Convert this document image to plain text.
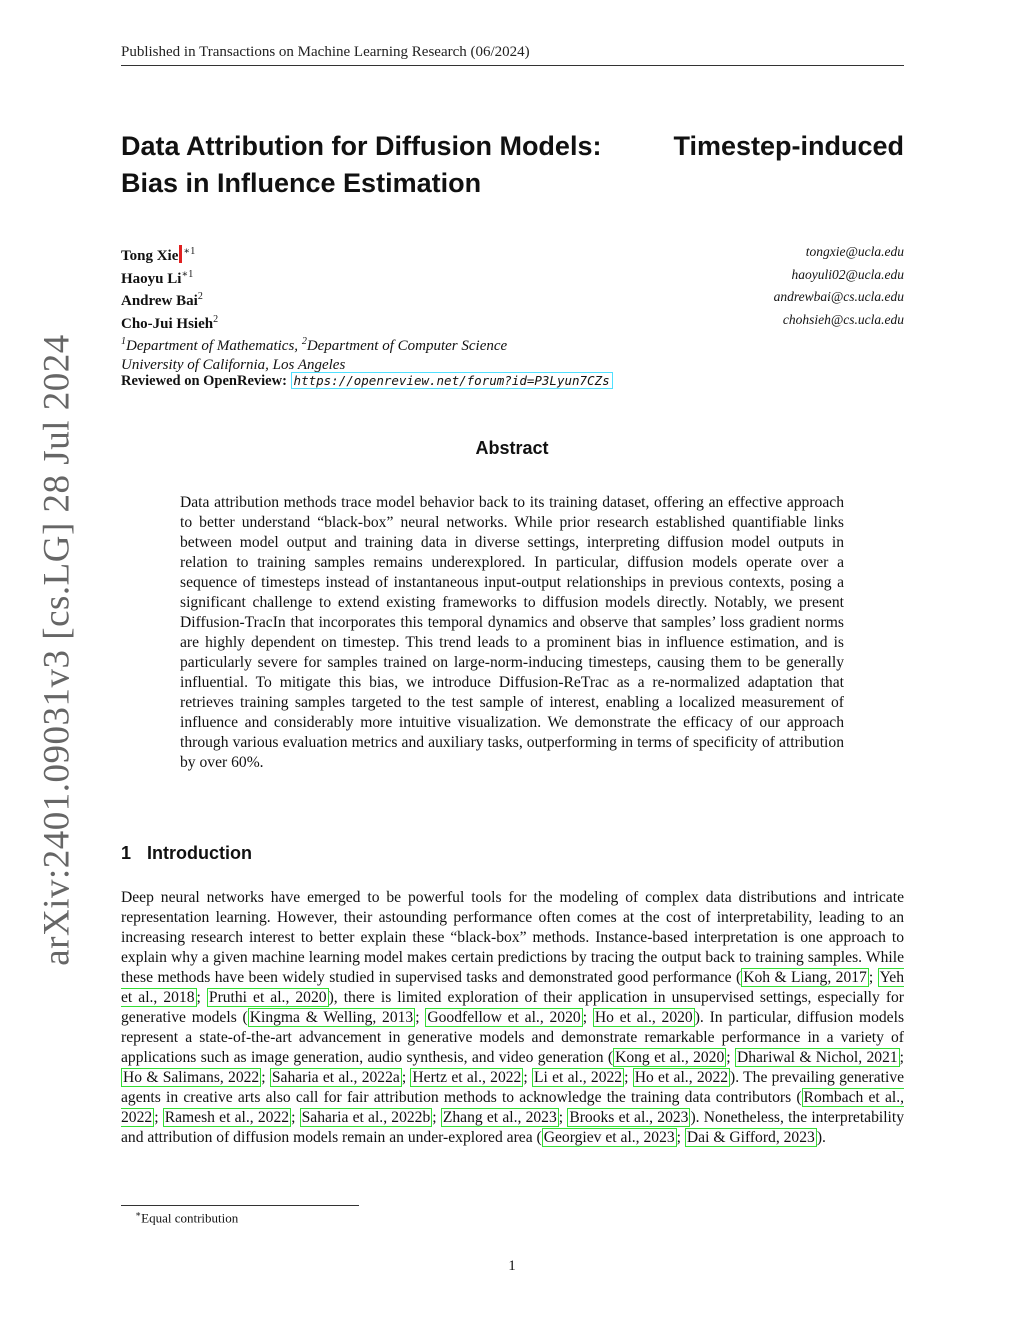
arXiv:2401.09031v3 [cs.LG] 28 Jul 2024
Published in Transactions on Machine Learning Research (06/2024)
Data Attribution for Diffusion Models:	Timestep-induced
Bias in Influence Estimation
Tong Xie $^{∗1}$	tongxie@ucla.edu
Haoyu $Li^{∗1}$	haoyuli02@ucla.edu
Andrew Bai$^2$	andrewbai@cs.ucla.edu
Cho-Jui Hsieh$^2$	chohsieh@cs.ucla.edu
$^1$Department of Mathematics, $^2$Department of Computer Science
University of California, Los Angeles
Reviewed on OpenReview: https://openreview.net/forum?id=P3Lyun7CZs
Abstract

Data attribution methods trace model behavior back to its training dataset, offering an effective approach to better understand “black-box” neural networks. While prior research established quantifiable links between model output and training data in diverse settings, interpreting diffusion model outputs in relation to training samples remains underexplored. In particular, diffusion models operate over a sequence of timesteps instead of instantaneous input-output relationships in previous contexts, posing a significant challenge to extend existing frameworks to diffusion models directly. Notably, we present Diffusion-TracIn that incorporates this temporal dynamics and observe that samples’ loss gradient norms are highly dependent on timestep. This trend leads to a prominent bias in influence estimation, and is particularly severe for samples trained on large-norm-inducing timesteps, causing them to be generally influential. To mitigate this bias, we introduce Diffusion-ReTrac as a re-normalized adaptation that retrieves training samples targeted to the test sample of interest, enabling a localized measurement of influence and considerably more intuitive visualization. We demonstrate the efficacy of our approach through various evaluation metrics and auxiliary tasks, outperforming in terms of specificity of attribution by over 60%.

1 Introduction

Deep neural networks have emerged to be powerful tools for the modeling of complex data distributions and intricate representation learning. However, their astounding performance often comes at the cost of interpretability, leading to an increasing research interest to better explain these “black-box” methods. Instance-based interpretation is one approach to explain why a given machine learning model makes certain predictions by tracing the output back to training samples. While these methods have been widely studied in supervised tasks and demonstrated good performance ( Koh & Liang, 2017 ; Yeh et al., 2018 ; Pruthi et al., 2020 ), there is limited exploration of their application in unsupervised settings, especially for generative models ( Kingma & Welling, 2013 ; Goodfellow et al., 2020 ; Ho et al., 2020 ). In particular, diffusion models represent a state-of-the-art advancement in generative models and demonstrate remarkable performance in a variety of applications such as image generation, audio synthesis, and video generation ( Kong et al., 2020 ; Dhariwal & Nichol, 2021 ; Ho & Salimans, 2022 ; Saharia et al., 2022a ; Hertz et al., 2022 ; Li et al., 2022 ; Ho et al., 2022 ). The prevailing generative agents in creative arts also call for fair attribution methods to acknowledge the training data contributors ( Rombach et al., 2022 ; Ramesh et al., 2022 ; Saharia et al., 2022b ; Zhang et al., 2023 ; Brooks et al., 2023 ). Nonetheless, the interpretability and attribution of diffusion models remain an under-explored area ( Georgiev et al., 2023 ; Dai & Gifford, 2023 ).

∗Equal contribution
1
